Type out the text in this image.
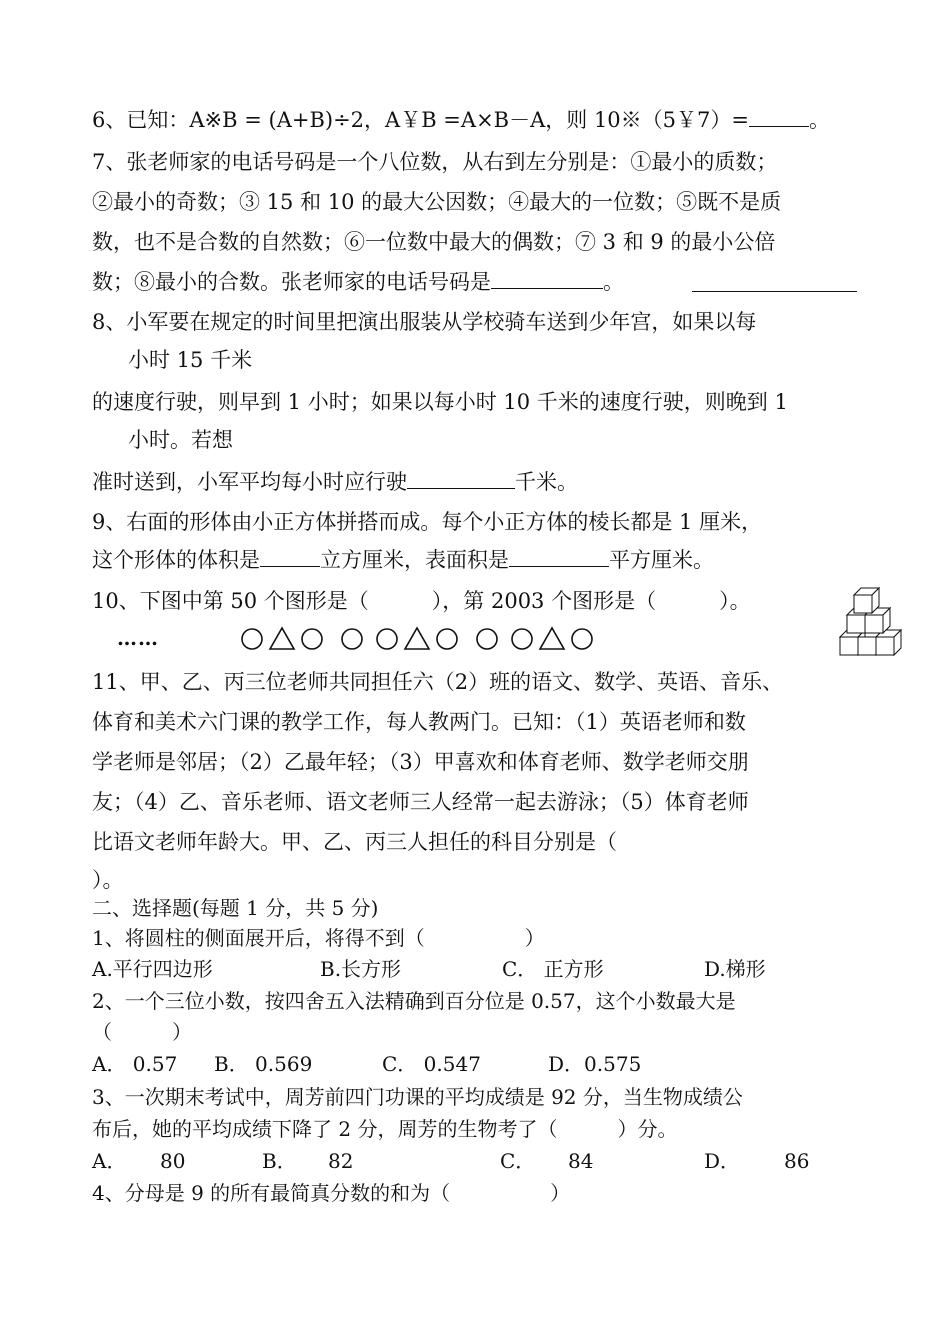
6、已知：A※B = (A+B)÷2，A￥B =A×B－A，则 10※（5￥7）=	。
7、张老师家的电话号码是一个八位数，从右到左分别是：①最小的质数；
②最小的奇数；③ 15 和 10 的最大公因数；④最大的一位数；⑤既不是质
数，也不是合数的自然数；⑥一位数中最大的偶数；⑦ 3 和 9 的最小公倍
数；⑧最小的合数。张老师家的电话号码是	。
8、小军要在规定的时间里把演出服装从学校骑车送到少年宫，如果以每
小时 15 千米
的速度行驶，则早到 1 小时；如果以每小时 10 千米的速度行驶，则晚到 1
小时。若想
准时送到，小军平均每小时应行驶	千米。
9、右面的形体由小正方体拼搭而成。每个小正方体的棱长都是 1 厘米，
这个形体的体积是	立方厘米，表面积是	平方厘米。
10、下图中第 50 个图形是（　　　），第 2003 个图形是（　　　）。
……
11、甲、乙、丙三位老师共同担任六（2）班的语文、数学、英语、音乐、
体育和美术六门课的教学工作，每人教两门。已知：（1）英语老师和数
学老师是邻居；（2）乙最年轻；（3）甲喜欢和体育老师、数学老师交朋
友；（4）乙、音乐老师、语文老师三人经常一起去游泳；（5）体育老师
比语文老师年龄大。甲、乙、丙三人担任的科目分别是（
）。
二、选择题(每题 1 分，共 5 分)
1、将圆柱的侧面展开后，将得不到（　　　　　）
A.平行四边形	B.长方形	C． 正方形	D.梯形
2、一个三位小数，按四舍五入法精确到百分位是 0.57，这个小数最大是
（　　　）
A． 0.57 B． 0.569	C． 0.547	D．0.575
3、一次期末考试中，周芳前四门功课的平均成绩是 92 分，当生物成绩公
布后，她的平均成绩下降了 2 分，周芳的生物考了（　　　）分。
A． 80	B． 82	C． 84	D． 86
4、分母是 9 的所有最简真分数的和为（　　　　　）
